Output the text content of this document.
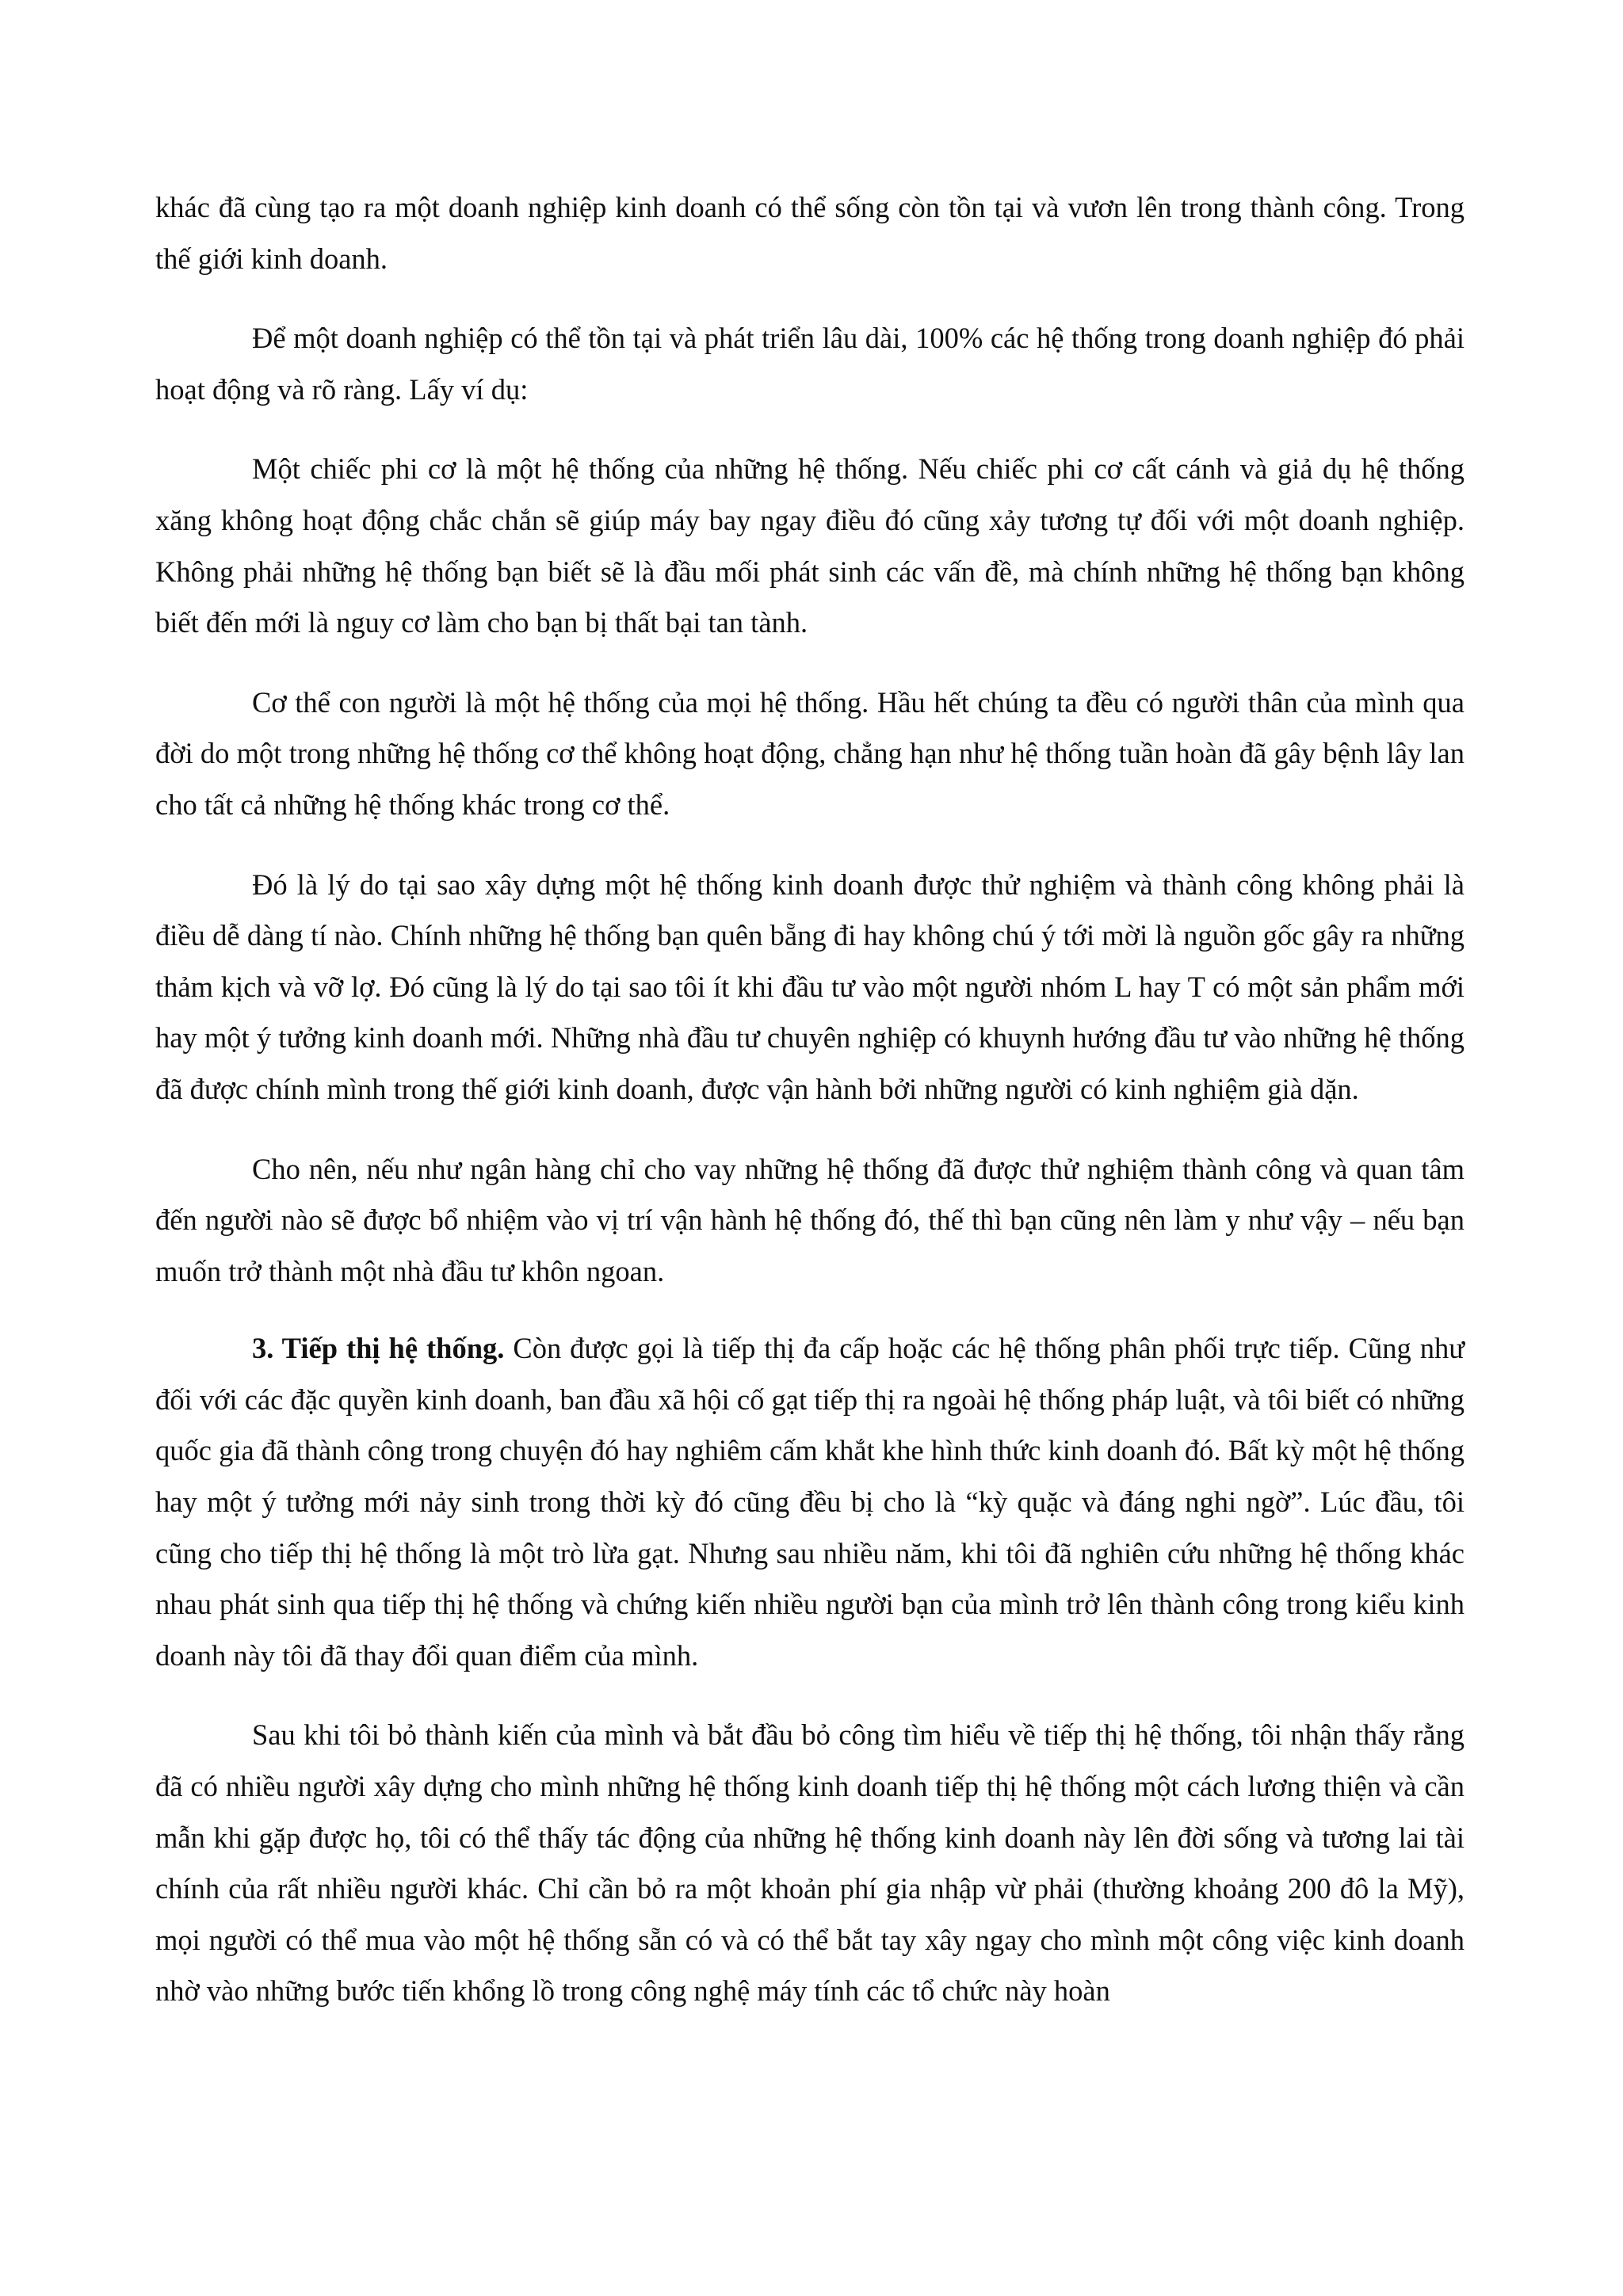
khác đã cùng tạo ra một doanh nghiệp kinh doanh có thể sống còn tồn tại và vươn lên trong thành công. Trong thế giới kinh doanh.

Để một doanh nghiệp có thể tồn tại và phát triển lâu dài, 100% các hệ thống trong doanh nghiệp đó phải hoạt động và rõ ràng. Lấy ví dụ:

Một chiếc phi cơ là một hệ thống của những hệ thống. Nếu chiếc phi cơ cất cánh và giả dụ hệ thống xăng không hoạt động chắc chắn sẽ giúp máy bay ngay điều đó cũng xảy tương tự đối với một doanh nghiệp. Không phải những hệ thống bạn biết sẽ là đầu mối phát sinh các vấn đề, mà chính những hệ thống bạn không biết đến mới là nguy cơ làm cho bạn bị thất bại tan tành.

Cơ thể con người là một hệ thống của mọi hệ thống. Hầu hết chúng ta đều có người thân của mình qua đời do một trong những hệ thống cơ thể không hoạt động, chẳng hạn như hệ thống tuần hoàn đã gây bệnh lây lan cho tất cả những hệ thống khác trong cơ thể.

Đó là lý do tại sao xây dựng một hệ thống kinh doanh được thử nghiệm và thành công không phải là điều dễ dàng tí nào. Chính những hệ thống bạn quên bẵng đi hay không chú ý tới mời là nguồn gốc gây ra những thảm kịch và vỡ lợ. Đó cũng là lý do tại sao tôi ít khi đầu tư vào một người nhóm L hay T có một sản phẩm mới hay một ý tưởng kinh doanh mới. Những nhà đầu tư chuyên nghiệp có khuynh hướng đầu tư vào những hệ thống đã được chính mình trong thế giới kinh doanh, được vận hành bởi những người có kinh nghiệm già dặn.

Cho nên, nếu như ngân hàng chỉ cho vay những hệ thống đã được thử nghiệm thành công và quan tâm đến người nào sẽ được bổ nhiệm vào vị trí vận hành hệ thống đó, thế thì bạn cũng nên làm y như vậy – nếu bạn muốn trở thành một nhà đầu tư khôn ngoan.

3. Tiếp thị hệ thống. Còn được gọi là tiếp thị đa cấp hoặc các hệ thống phân phối trực tiếp. Cũng như đối với các đặc quyền kinh doanh, ban đầu xã hội cố gạt tiếp thị ra ngoài hệ thống pháp luật, và tôi biết có những quốc gia đã thành công trong chuyện đó hay nghiêm cấm khắt khe hình thức kinh doanh đó. Bất kỳ một hệ thống hay một ý tưởng mới nảy sinh trong thời kỳ đó cũng đều bị cho là “kỳ quặc và đáng nghi ngờ”. Lúc đầu, tôi cũng cho tiếp thị hệ thống là một trò lừa gạt. Nhưng sau nhiều năm, khi tôi đã nghiên cứu những hệ thống khác nhau phát sinh qua tiếp thị hệ thống và chứng kiến nhiều người bạn của mình trở lên thành công trong kiểu kinh doanh này tôi đã thay đổi quan điểm của mình.

Sau khi tôi bỏ thành kiến của mình và bắt đầu bỏ công tìm hiểu về tiếp thị hệ thống, tôi nhận thấy rằng đã có nhiều người xây dựng cho mình những hệ thống kinh doanh tiếp thị hệ thống một cách lương thiện và cần mẫn khi gặp được họ, tôi có thể thấy tác động của những hệ thống kinh doanh này lên đời sống và tương lai tài chính của rất nhiều người khác. Chỉ cần bỏ ra một khoản phí gia nhập vừ phải (thường khoảng 200 đô la Mỹ), mọi người có thể mua vào một hệ thống sẵn có và có thể bắt tay xây ngay cho mình một công việc kinh doanh nhờ vào những bước tiến khổng lồ trong công nghệ máy tính các tổ chức này hoàn
